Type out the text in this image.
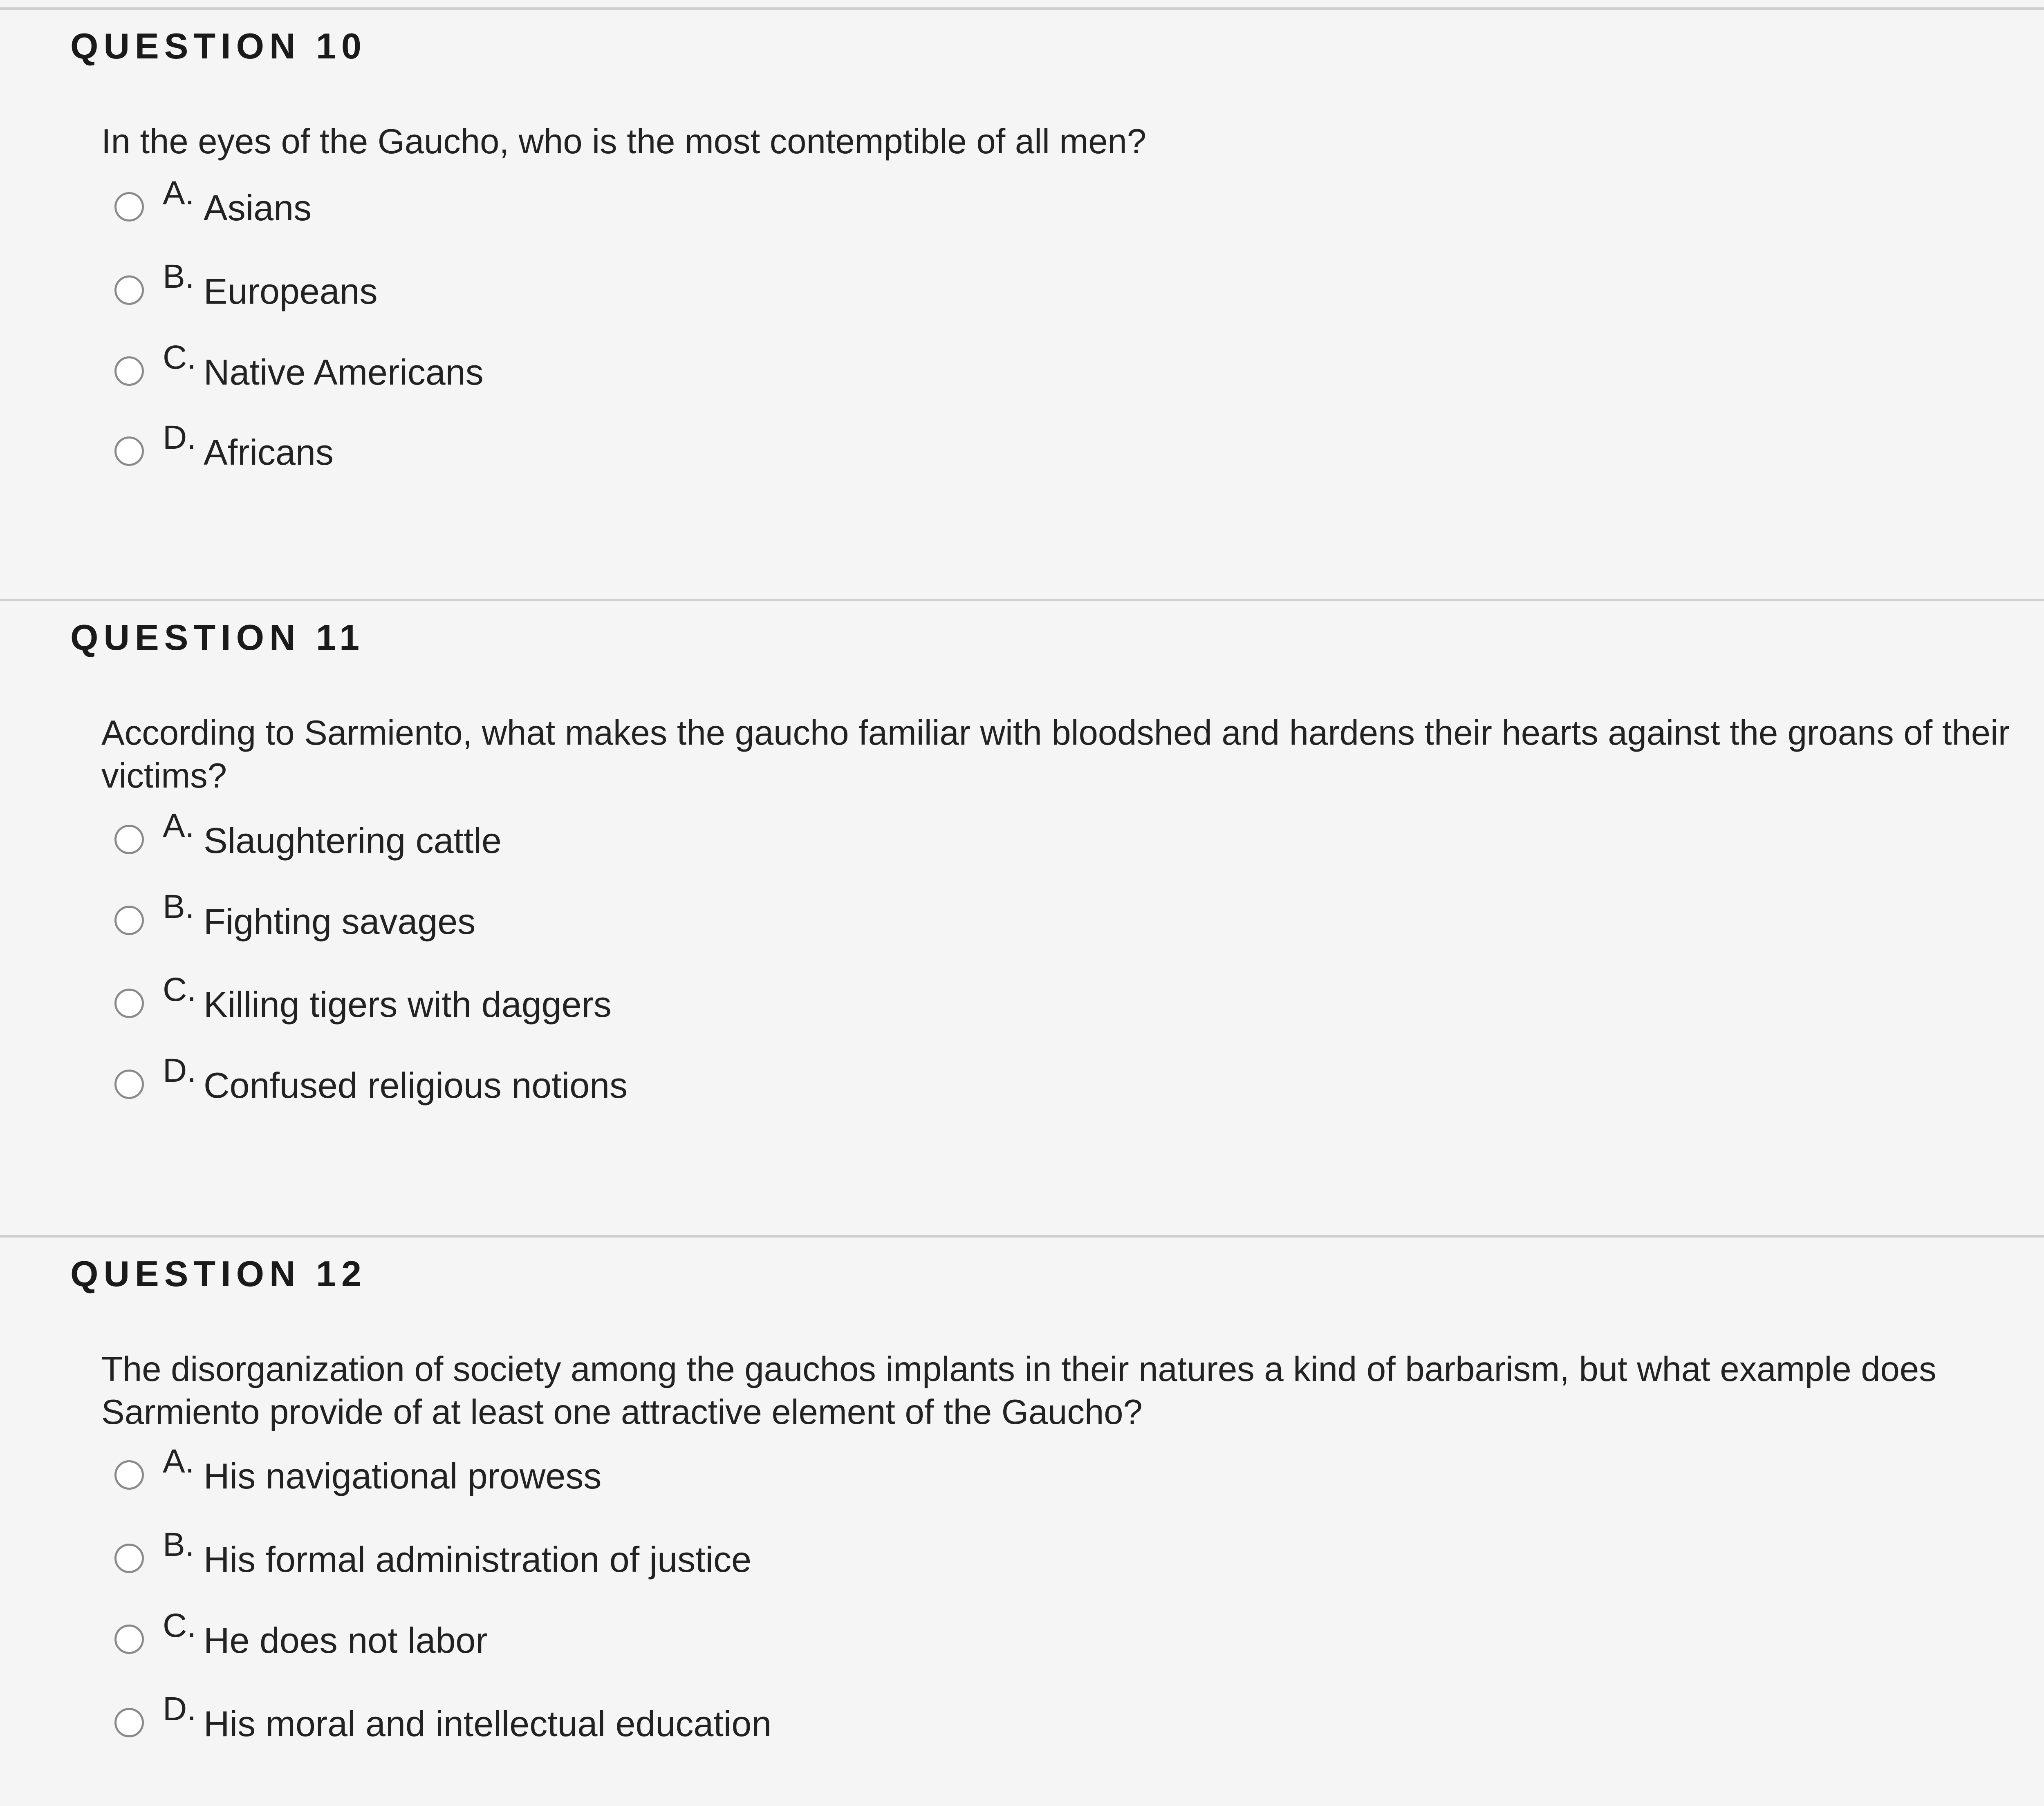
QUESTION 10
In the eyes of the Gaucho, who is the most contemptible of all men?
A. Asians
B. Europeans
C. Native Americans
D. Africans
QUESTION 11
According to Sarmiento, what makes the gaucho familiar with bloodshed and hardens their hearts against the groans of their victims?
A. Slaughtering cattle
B. Fighting savages
C. Killing tigers with daggers
D. Confused religious notions
QUESTION 12
The disorganization of society among the gauchos implants in their natures a kind of barbarism, but what example does Sarmiento provide of at least one attractive element of the Gaucho?
A. His navigational prowess
B. His formal administration of justice
C. He does not labor
D. His moral and intellectual education
